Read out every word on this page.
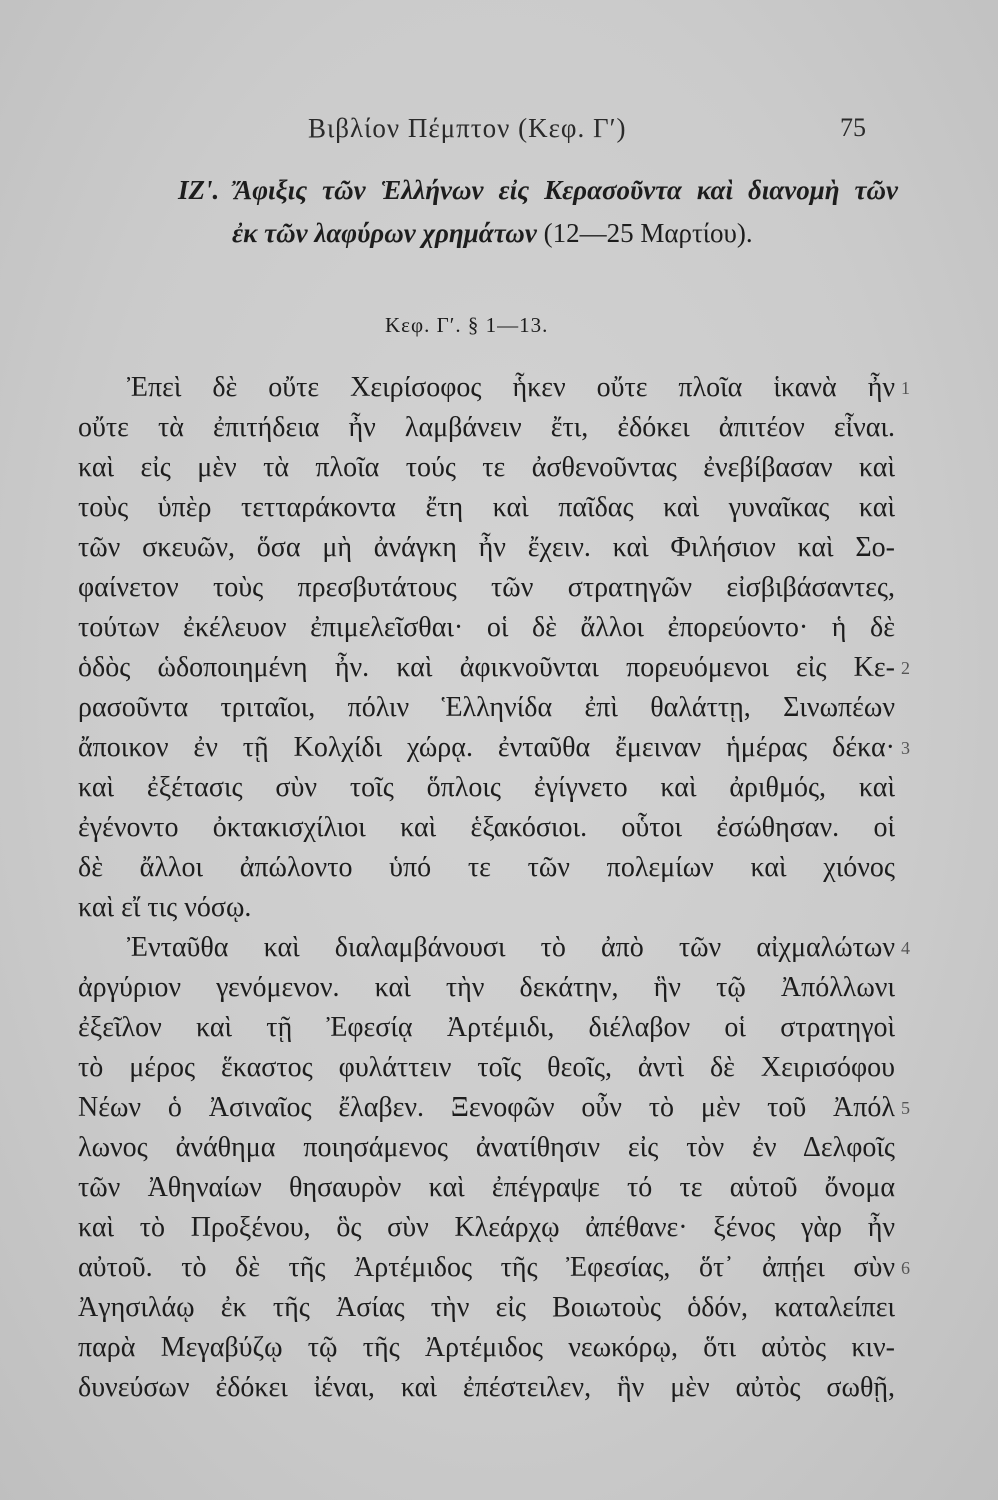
Βιβλίον Πέμπτον (Κεφ. Γʹ)	75
ΙΖʹ. Ἄφιξις τῶν Ἑλλήνων εἰς Κερασοῦντα καὶ διανομὴ τῶν
ἐκ τῶν λαφύρων χρημάτων (12—25 Μαρτίου).
Κεφ. Γʹ. § 1—13.
Ἐπεὶ δὲ οὔτε Χειρίσοφος ἧκεν οὔτε πλοῖα ἱκανὰ ἦν 1
οὔτε τὰ ἐπιτήδεια ἦν λαμβάνειν ἔτι, ἐδόκει ἀπιτέον εἶναι.
καὶ εἰς μὲν τὰ πλοῖα τούς τε ἀσθενοῦντας ἐνεβίβασαν καὶ
τοὺς ὑπὲρ τετταράκοντα ἔτη καὶ παῖδας καὶ γυναῖκας καὶ
τῶν σκευῶν, ὅσα μὴ ἀνάγκη ἦν ἔχειν. καὶ Φιλήσιον καὶ Σο-
φαίνετον τοὺς πρεσβυτάτους τῶν στρατηγῶν εἰσβιβάσαντες,
τούτων ἐκέλευον ἐπιμελεῖσθαι· οἱ δὲ ἄλλοι ἐπορεύοντο· ἡ δὲ
ὁδὸς ὡδοποιημένη ἦν. καὶ ἀφικνοῦνται πορευόμενοι εἰς Κε- 2
ρασοῦντα τριταῖοι, πόλιν Ἑλληνίδα ἐπὶ θαλάττῃ, Σινωπέων
ἄποικον ἐν τῇ Κολχίδι χώρᾳ. ἐνταῦθα ἔμειναν ἡμέρας δέκα· 3
καὶ ἐξέτασις σὺν τοῖς ὅπλοις ἐγίγνετο καὶ ἀριθμός, καὶ
ἐγένοντο ὀκτακισχίλιοι καὶ ἑξακόσιοι. οὗτοι ἐσώθησαν. οἱ
δὲ ἄλλοι ἀπώλοντο ὑπό τε τῶν πολεμίων καὶ χιόνος
καὶ εἴ τις νόσῳ.
Ἐνταῦθα καὶ διαλαμβάνουσι τὸ ἀπὸ τῶν αἰχμαλώτων 4
ἀργύριον γενόμενον. καὶ τὴν δεκάτην, ἣν τῷ Ἀπόλλωνι
ἐξεῖλον καὶ τῇ Ἐφεσίᾳ Ἀρτέμιδι, διέλαβον οἱ στρατηγοὶ
τὸ μέρος ἕκαστος φυλάττειν τοῖς θεοῖς, ἀντὶ δὲ Χειρισόφου
Νέων ὁ Ἀσιναῖος ἔλαβεν. Ξενοφῶν οὖν τὸ μὲν τοῦ Ἀπόλ 5
λωνος ἀνάθημα ποιησάμενος ἀνατίθησιν εἰς τὸν ἐν Δελφοῖς
τῶν Ἀθηναίων θησαυρὸν καὶ ἐπέγραψε τό τε αὑτοῦ ὄνομα
καὶ τὸ Προξένου, ὃς σὺν Κλεάρχῳ ἀπέθανε· ξένος γὰρ ἦν
αὐτοῦ. τὸ δὲ τῆς Ἀρτέμιδος τῆς Ἐφεσίας, ὅτ᾽ ἀπῄει σὺν 6
Ἀγησιλάῳ ἐκ τῆς Ἀσίας τὴν εἰς Βοιωτοὺς ὁδόν, καταλείπει
παρὰ Μεγαβύζῳ τῷ τῆς Ἀρτέμιδος νεωκόρῳ, ὅτι αὐτὸς κιν-
δυνεύσων ἐδόκει ἰέναι, καὶ ἐπέστειλεν, ἣν μὲν αὐτὸς σωθῇ,
